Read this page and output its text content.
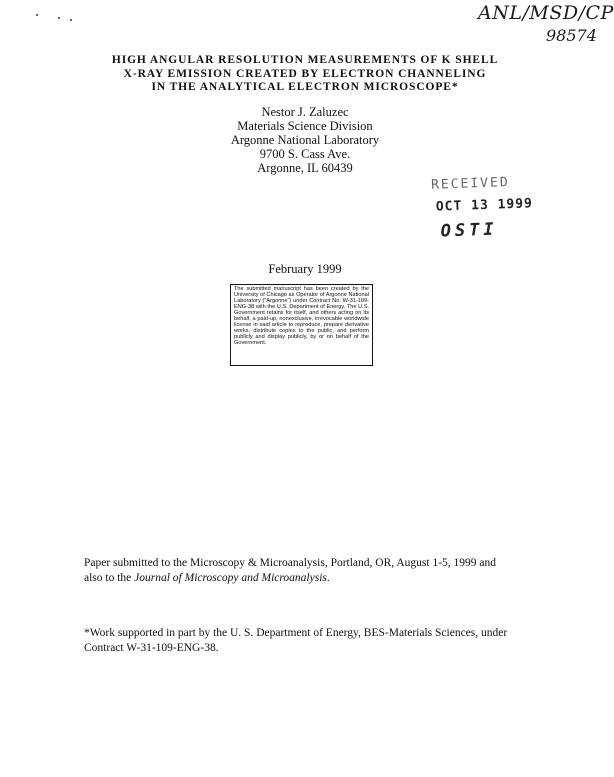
ANL/MSD/CP
98574
HIGH ANGULAR RESOLUTION MEASUREMENTS OF K SHELL
X-RAY EMISSION CREATED BY ELECTRON CHANNELING
IN THE ANALYTICAL ELECTRON MICROSCOPE*
Nestor J. Zaluzec
Materials Science Division
Argonne National Laboratory
9700 S. Cass Ave.
Argonne, IL 60439
RECEIVED
OCT 13 1999
OSTI
February 1999
The submitted manuscript has been created by the University of Chicago as Operator of Argonne National Laboratory ("Argonne") under Contract No. W-31-109-ENG-38 with the U.S. Department of Energy. The U.S. Government retains for itself, and others acting on its behalf, a paid-up, nonexclusive, irrevocable worldwide license in said article to reproduce, prepare derivative works, distribute copies to the public, and perform publicly and display publicly, by or on behalf of the Government.
Paper submitted to the Microscopy & Microanalysis, Portland, OR, August 1-5, 1999 and also to the Journal of Microscopy and Microanalysis.
*Work supported in part by the U. S. Department of Energy, BES-Materials Sciences, under
Contract W-31-109-ENG-38.
